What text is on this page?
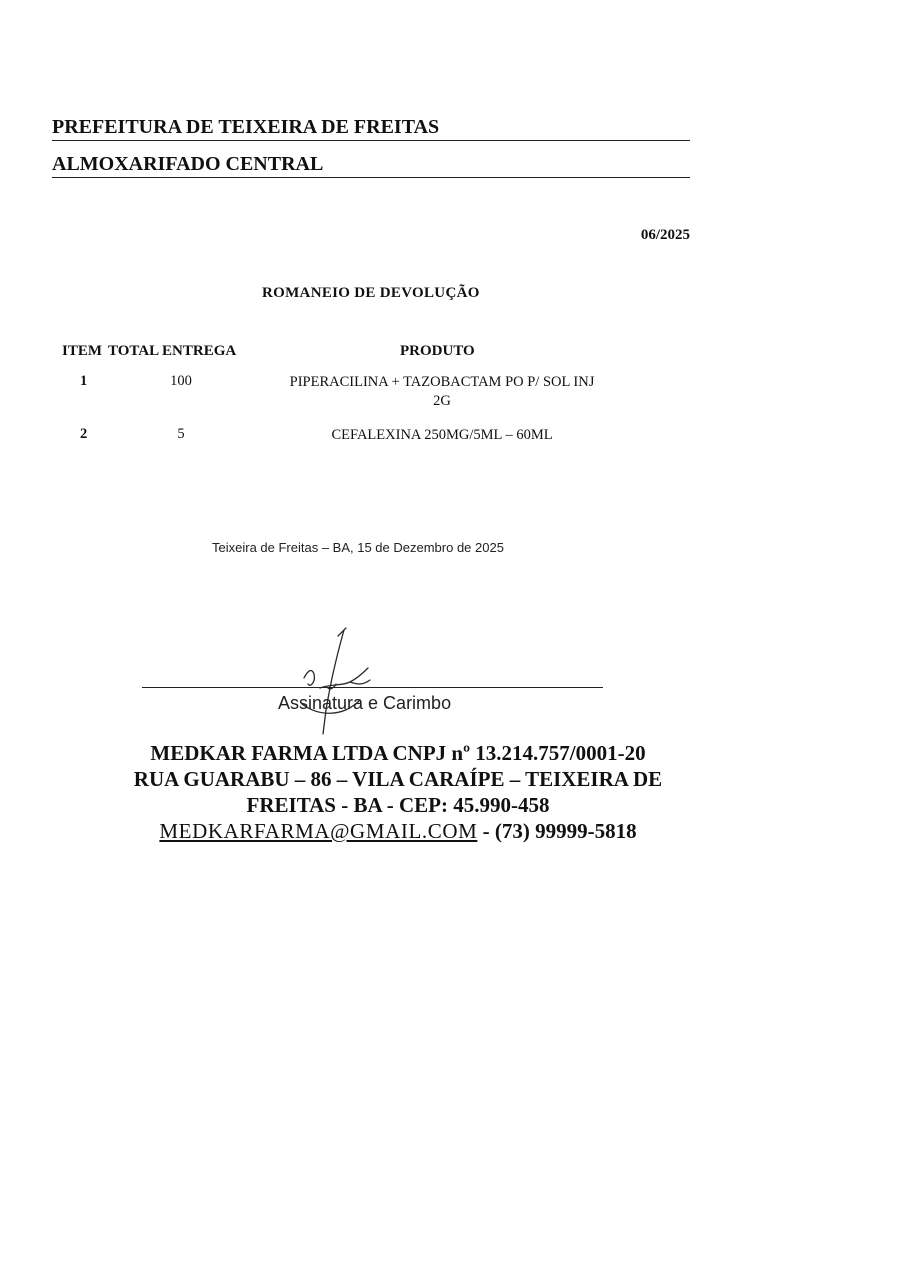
PREFEITURA DE TEIXEIRA DE FREITAS
ALMOXARIFADO CENTRAL
06/2025
ROMANEIO DE DEVOLUÇÃO
ITEM TOTAL ENTREGA	PRODUTO
1	100	PIPERACILINA + TAZOBACTAM PO P/ SOL INJ
2G
2	5	CEFALEXINA 250MG/5ML – 60ML
Teixeira de Freitas – BA, 15 de Dezembro de 2025
Assinatura e Carimbo
MEDKAR FARMA LTDA CNPJ nº 13.214.757/0001-20
RUA GUARABU – 86 – VILA CARAÍPE – TEIXEIRA DE
FREITAS - BA - CEP: 45.990-458
MEDKARFARMA@GMAIL.COM - (73) 99999-5818
